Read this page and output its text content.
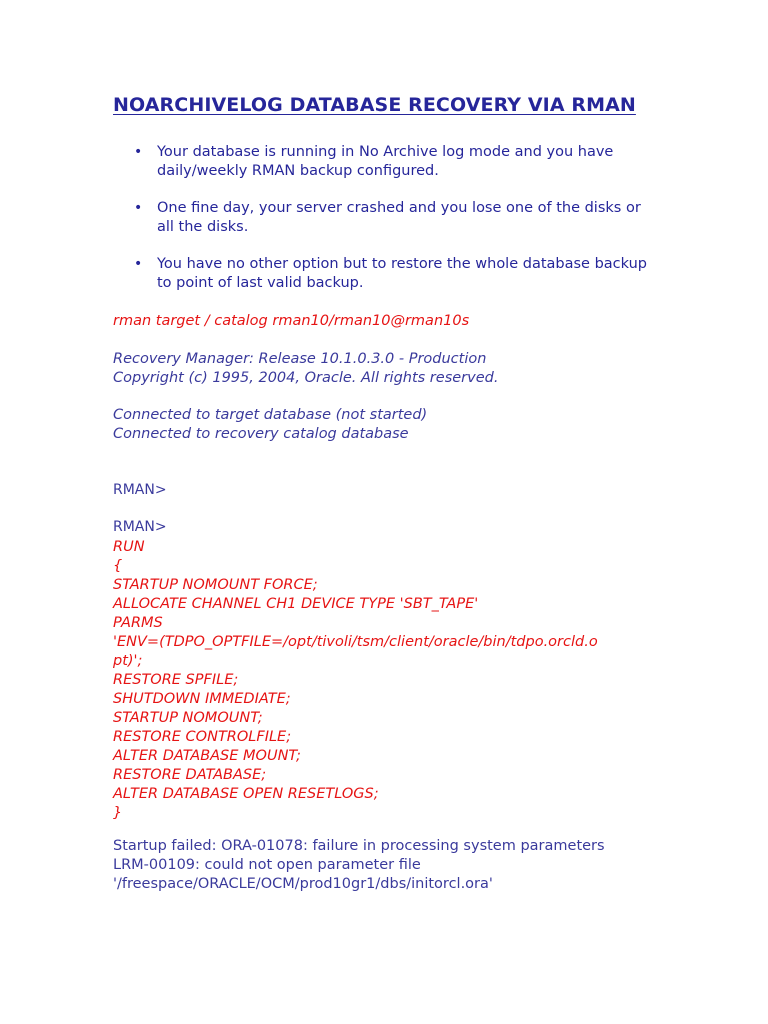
NOARCHIVELOG DATABASE RECOVERY VIA RMAN
• Your database is running in No Archive log mode and you have daily/weekly RMAN backup configured.
• One fine day, your server crashed and you lose one of the disks or all the disks.
• You have no other option but to restore the whole database backup to point of last valid backup.

rman target / catalog rman10/rman10@rman10s

Recovery Manager: Release 10.1.0.3.0 - Production
Copyright (c) 1995, 2004, Oracle. All rights reserved.

Connected to target database (not started)
Connected to recovery catalog database

RMAN>

RMAN>

RUN
{
STARTUP NOMOUNT FORCE;
ALLOCATE CHANNEL CH1 DEVICE TYPE 'SBT_TAPE'
PARMS
'ENV=(TDPO_OPTFILE=/opt/tivoli/tsm/client/oracle/bin/tdpo.orcld.o
pt)';
RESTORE SPFILE;
SHUTDOWN IMMEDIATE;
STARTUP NOMOUNT;
RESTORE CONTROLFILE;
ALTER DATABASE MOUNT;
RESTORE DATABASE;
ALTER DATABASE OPEN RESETLOGS;
}
Startup failed: ORA-01078: failure in processing system parameters
LRM-00109: could not open parameter file
'/freespace/ORACLE/OCM/prod10gr1/dbs/initorcl.ora'
